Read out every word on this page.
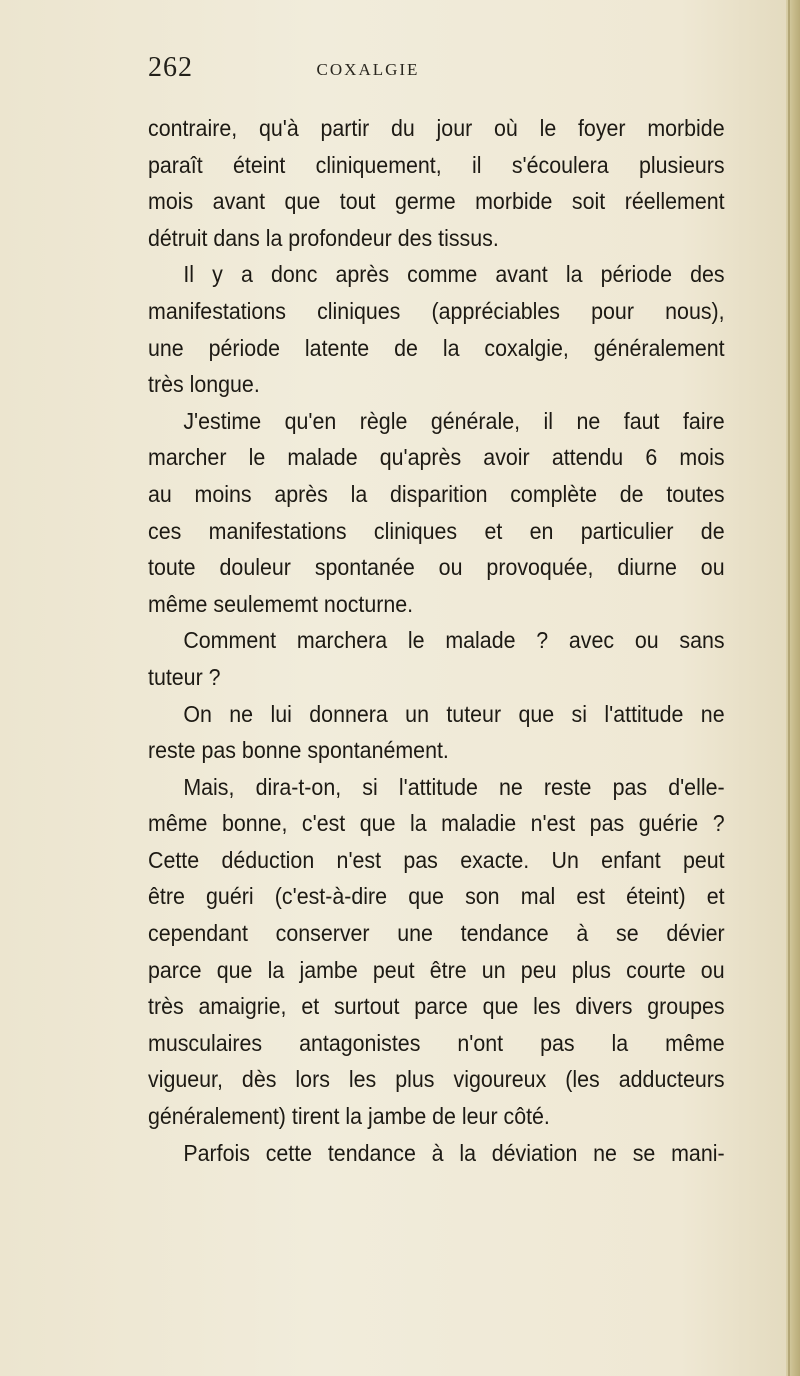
262	COXALGIE
contraire, qu'à partir du jour où le foyer morbide
paraît éteint cliniquement, il s'écoulera plusieurs
mois avant que tout germe morbide soit réellement
détruit dans la profondeur des tissus.
Il y a donc après comme avant la période des
manifestations cliniques (appréciables pour nous),
une période latente de la coxalgie, généralement
très longue.
J'estime qu'en règle générale, il ne faut faire
marcher le malade qu'après avoir attendu 6 mois
au moins après la disparition complète de toutes
ces manifestations cliniques et en particulier de
toute douleur spontanée ou provoquée, diurne ou
même seulememt nocturne.
Comment marchera le malade ? avec ou sans
tuteur ?
On ne lui donnera un tuteur que si l'attitude ne
reste pas bonne spontanément.
Mais, dira-t-on, si l'attitude ne reste pas d'elle-
même bonne, c'est que la maladie n'est pas guérie ?
Cette déduction n'est pas exacte. Un enfant peut
être guéri (c'est-à-dire que son mal est éteint) et
cependant conserver une tendance à se dévier
parce que la jambe peut être un peu plus courte ou
très amaigrie, et surtout parce que les divers groupes
musculaires antagonistes n'ont pas la même
vigueur, dès lors les plus vigoureux (les adducteurs
généralement) tirent la jambe de leur côté.
Parfois cette tendance à la déviation ne se mani-
